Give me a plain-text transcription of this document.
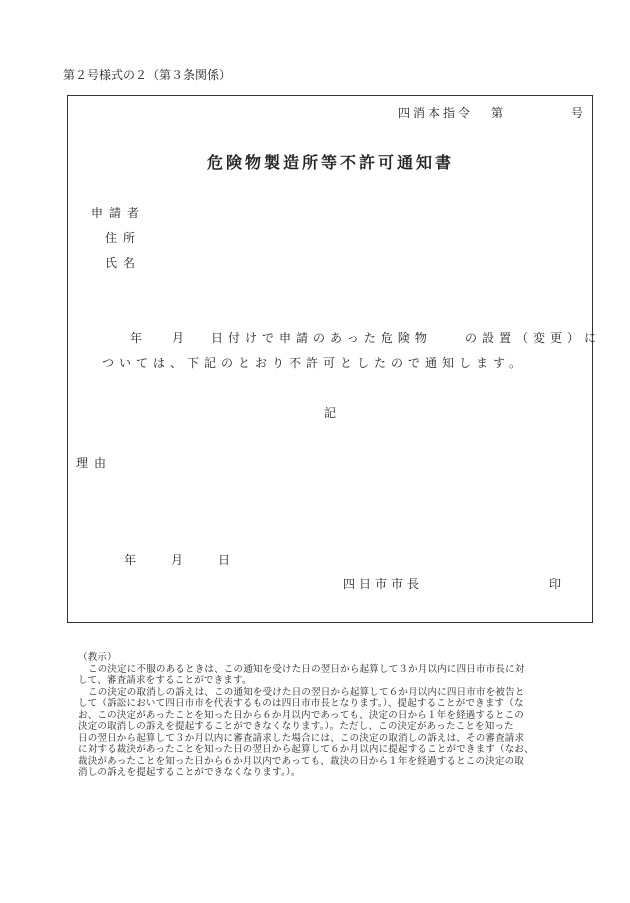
第２号様式の２（第３条関係）
四消本指令 第	号
危険物製造所等不許可通知書
申請者
住所
氏名
年 月 日付けで申請のあった危険物	の設置（変更）に
ついては、下記のとおり不許可としたので通知します。
記
理由
年	月	日
四日市市長	印
（教示）
この決定に不服のあるときは、この通知を受けた日の翌日から起算して３か月以内に四日市市長に対
して、審査請求をすることができます。
この決定の取消しの訴えは、この通知を受けた日の翌日から起算して６か月以内に四日市市を被告と
して（訴訟において四日市市を代表するものは四日市市長となります。）、提起することができます（な
お、この決定があったことを知った日から６か月以内であっても、決定の日から１年を経過するとこの
決定の取消しの訴えを提起することができなくなります。）。ただし、この決定があったことを知った
日の翌日から起算して３か月以内に審査請求した場合には、この決定の取消しの訴えは、その審査請求
に対する裁決があったことを知った日の翌日から起算して６か月以内に提起することができます（なお、
裁決があったことを知った日から６か月以内であっても、裁決の日から１年を経過するとこの決定の取
消しの訴えを提起することができなくなります。）。
